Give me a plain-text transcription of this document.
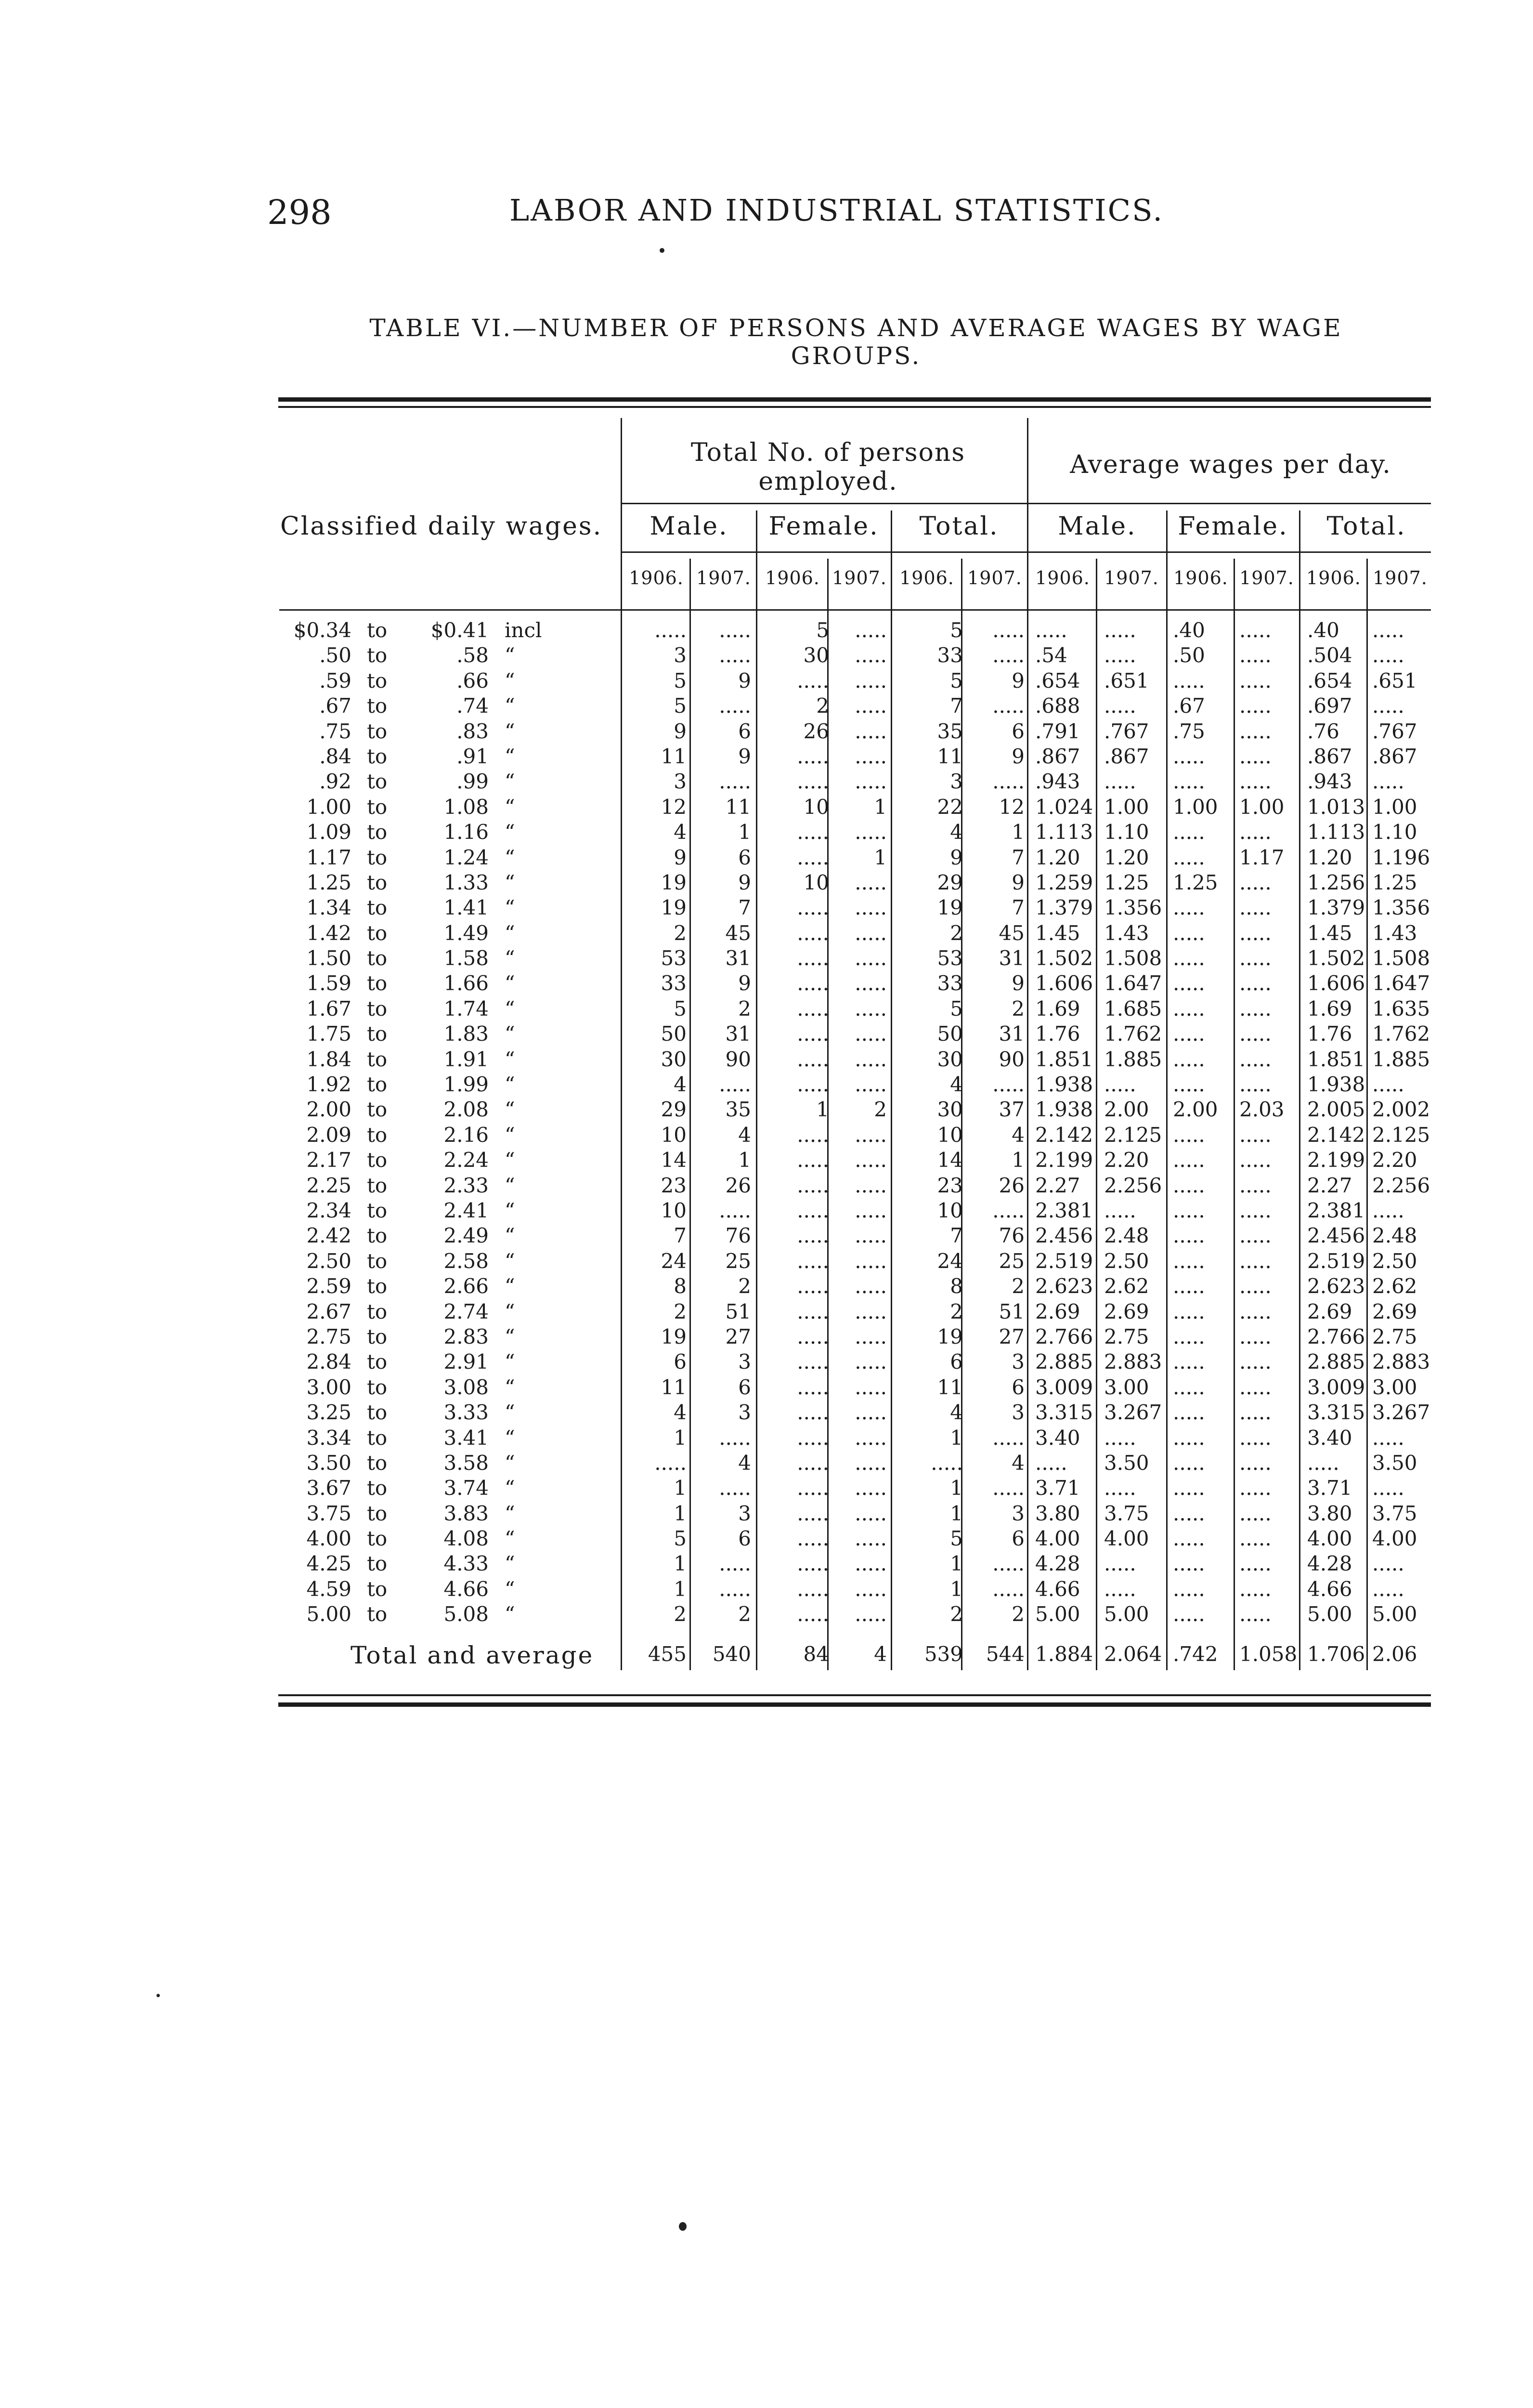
298	LABOR AND INDUSTRIAL STATISTICS.
TABLE VI.—NUMBER OF PERSONS AND AVERAGE WAGES BY WAGE
GROUPS.
Total No. of persons
employed.
Average wages per day.
Classified daily wages.	Male.	Female.	Total.	Male.	Female.	Total.
1906. 1907. 1906. 1907. 1906. 1907. 1906. 1907. 1906. 1907. 1906. 1907.
$0.34 to	$0.41 incl	.....	.....	5	.....	5	..... .....	.....	.40	.....	.40	.....
.50 to	.58 “	3	.....	30	.....	33	..... .54	.....	.50	.....	.504 .....
.59 to	.66 “	5	9	.....	.....	5	9 .654	.651	.....	.....	.654 .651
.67 to	.74 “	5	.....	2	.....	7	..... .688	.....	.67	.....	.697 .....
.75 to	.83 “	9	6	26	.....	35	6 .791	.767	.75	.....	.76	.767
.84 to	.91 “	11	9	.....	.....	11	9 .867	.867	.....	.....	.867 .867
.92 to	.99 “	3	.....	.....	.....	3	..... .943	.....	.....	.....	.943 .....
1.00 to	1.08 “	12	11	10	1	22	12 1.024 1.00	1.00	1.00	1.013 1.00
1.09 to	1.16 “	4	1	.....	.....	4	1 1.113 1.10	.....	.....	1.113 1.10
1.17 to	1.24 “	9	6	.....	1	9	7 1.20	1.20	.....	1.17	1.20 1.196
1.25 to	1.33 “	19	9	10	.....	29	9 1.259 1.25	1.25	.....	1.256 1.25
1.34 to	1.41 “	19	7	.....	.....	19	7 1.379 1.356 .....	.....	1.379 1.356
1.42 to	1.49 “	2	45	.....	.....	2	45 1.45	1.43	.....	.....	1.45 1.43
1.50 to	1.58 “	53	31	.....	.....	53	31 1.502 1.508 .....	.....	1.502 1.508
1.59 to	1.66 “	33	9	.....	.....	33	9 1.606 1.647 .....	.....	1.606 1.647
1.67 to	1.74 “	5	2	.....	.....	5	2 1.69	1.685 .....	.....	1.69 1.635
1.75 to	1.83 “	50	31	.....	.....	50	31 1.76	1.762 .....	.....	1.76 1.762
1.84 to	1.91 “	30	90	.....	.....	30	90 1.851 1.885 .....	.....	1.851 1.885
1.92 to	1.99 “	4	.....	.....	.....	4	..... 1.938 .....	.....	.....	1.938 .....
2.00 to	2.08 “	29	35	1	2	30	37 1.938 2.00	2.00	2.03	2.005 2.002
2.09 to	2.16 “	10	4	.....	.....	10	4 2.142 2.125 .....	.....	2.142 2.125
2.17 to	2.24 “	14	1	.....	.....	14	1 2.199 2.20	.....	.....	2.199 2.20
2.25 to	2.33 “	23	26	.....	.....	23	26 2.27	2.256 .....	.....	2.27 2.256
2.34 to	2.41 “	10	.....	.....	.....	10	..... 2.381 .....	.....	.....	2.381 .....
2.42 to	2.49 “	7	76	.....	.....	7	76 2.456 2.48	.....	.....	2.456 2.48
2.50 to	2.58 “	24	25	.....	.....	24	25 2.519 2.50	.....	.....	2.519 2.50
2.59 to	2.66 “	8	2	.....	.....	8	2 2.623 2.62	.....	.....	2.623 2.62
2.67 to	2.74 “	2	51	.....	.....	2	51 2.69	2.69	.....	.....	2.69 2.69
2.75 to	2.83 “	19	27	.....	.....	19	27 2.766 2.75	.....	.....	2.766 2.75
2.84 to	2.91 “	6	3	.....	.....	6	3 2.885 2.883 .....	.....	2.885 2.883
3.00 to	3.08 “	11	6	.....	.....	11	6 3.009 3.00	.....	.....	3.009 3.00
3.25 to	3.33 “	4	3	.....	.....	4	3 3.315 3.267 .....	.....	3.315 3.267
3.34 to	3.41 “	1	.....	.....	.....	1	..... 3.40	.....	.....	.....	3.40 .....
3.50 to	3.58 “	.....	4	.....	.....	.....	4 .....	3.50	.....	.....	.....	3.50
3.67 to	3.74 “	1	.....	.....	.....	1	..... 3.71	.....	.....	.....	3.71 .....
3.75 to	3.83 “	1	3	.....	.....	1	3 3.80	3.75	.....	.....	3.80 3.75
4.00 to	4.08 “	5	6	.....	.....	5	6 4.00	4.00	.....	.....	4.00 4.00
4.25 to	4.33 “	1	.....	.....	.....	1	..... 4.28	.....	.....	.....	4.28 .....
4.59 to	4.66 “	1	.....	.....	.....	1	..... 4.66	.....	.....	.....	4.66 .....
5.00 to	5.08 “	2	2	.....	.....	2	2 5.00	5.00	.....	.....	5.00 5.00
Total and average	455	540	84	4	539	544 1.884 2.064 .742	1.058 1.706 2.06
